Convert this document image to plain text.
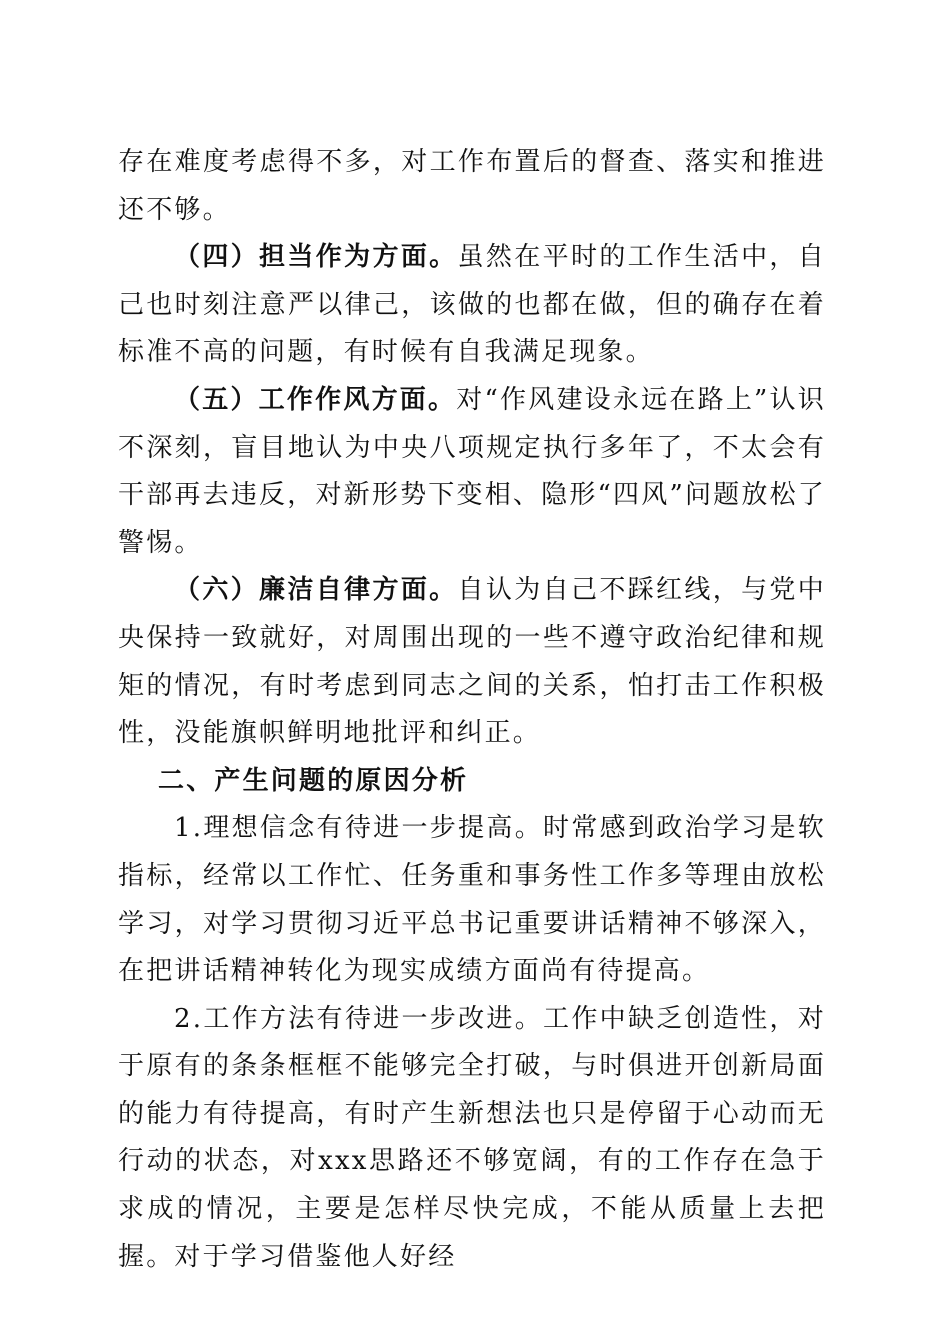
存在难度考虑得不多，对工作布置后的督查、落实和推进还不够。

（四）担当作为方面。虽然在平时的工作生活中，自己也时刻注意严以律己，该做的也都在做，但的确存在着标准不高的问题，有时候有自我满足现象。

（五）工作作风方面。对“作风建设永远在路上”认识不深刻，盲目地认为中央八项规定执行多年了，不太会有干部再去违反，对新形势下变相、隐形“四风”问题放松了警惕。

（六）廉洁自律方面。自认为自己不踩红线，与党中央保持一致就好，对周围出现的一些不遵守政治纪律和规矩的情况，有时考虑到同志之间的关系，怕打击工作积极性，没能旗帜鲜明地批评和纠正。

二、产生问题的原因分析

1.理想信念有待进一步提高。时常感到政治学习是软指标，经常以工作忙、任务重和事务性工作多等理由放松学习，对学习贯彻习近平总书记重要讲话精神不够深入，在把讲话精神转化为现实成绩方面尚有待提高。

2.工作方法有待进一步改进。工作中缺乏创造性，对于原有的条条框框不能够完全打破，与时俱进开创新局面的能力有待提高，有时产生新想法也只是停留于心动而无行动的状态，对xxx思路还不够宽阔，有的工作存在急于求成的情况，主要是怎样尽快完成，不能从质量上去把握。对于学习借鉴他人好经
